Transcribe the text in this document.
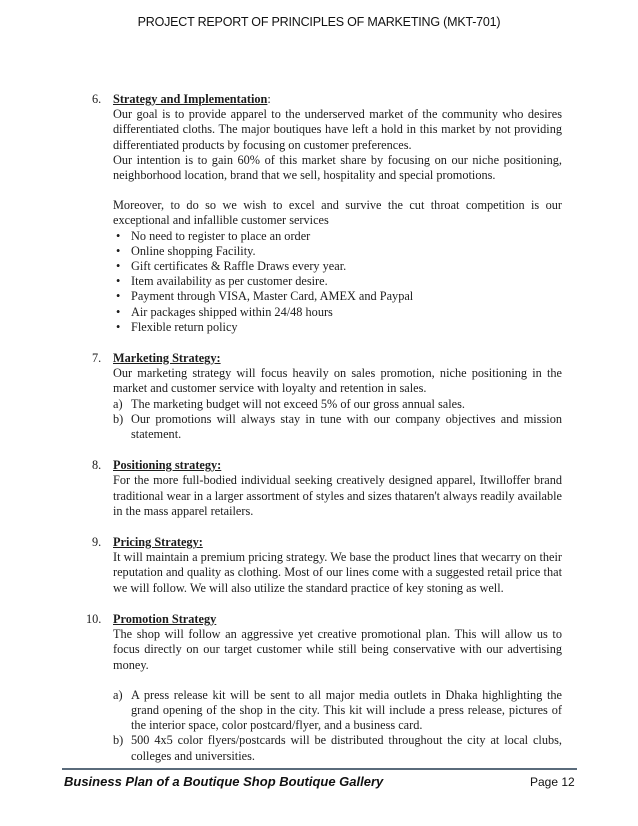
PROJECT REPORT OF PRINCIPLES OF MARKETING (MKT-701)
6. Strategy and Implementation:

Our goal is to provide apparel to the underserved market of the community who desires differentiated cloths. The major boutiques have left a hold in this market by not providing differentiated products by focusing on customer preferences.

Our intention is to gain 60% of this market share by focusing on our niche positioning, neighborhood location, brand that we sell, hospitality and special promotions.

Moreover, to do so we wish to excel and survive the cut throat competition is our exceptional and infallible customer services

• No need to register to place an order
• Online shopping Facility.
• Gift certificates & Raffle Draws every year.
• Item availability as per customer desire.
• Payment through VISA, Master Card, AMEX and Paypal
• Air packages shipped within 24/48 hours
• Flexible return policy
7. Marketing Strategy:

Our marketing strategy will focus heavily on sales promotion, niche positioning in the market and customer service with loyalty and retention in sales.

a) The marketing budget will not exceed 5% of our gross annual sales.
b) Our promotions will always stay in tune with our company objectives and mission statement.
8. Positioning strategy:

For the more full-bodied individual seeking creatively designed apparel, Itwilloffer brand traditional wear in a larger assortment of styles and sizes thataren't always readily available in the mass apparel retailers.

9. Pricing Strategy:

It will maintain a premium pricing strategy. We base the product lines that wecarry on their reputation and quality as clothing. Most of our lines come with a suggested retail price that we will follow. We will also utilize the standard practice of key stoning as well.

10. Promotion Strategy

The shop will follow an aggressive yet creative promotional plan. This will allow us to focus directly on our target customer while still being conservative with our advertising money.

a) A press release kit will be sent to all major media outlets in Dhaka highlighting the grand opening of the shop in the city. This kit will include a press release, pictures of the interior space, color postcard/flyer, and a business card.
b) 500 4x5 color flyers/postcards will be distributed throughout the city at local clubs, colleges and universities.
Business Plan of a Boutique Shop Boutique Gallery	Page 12
